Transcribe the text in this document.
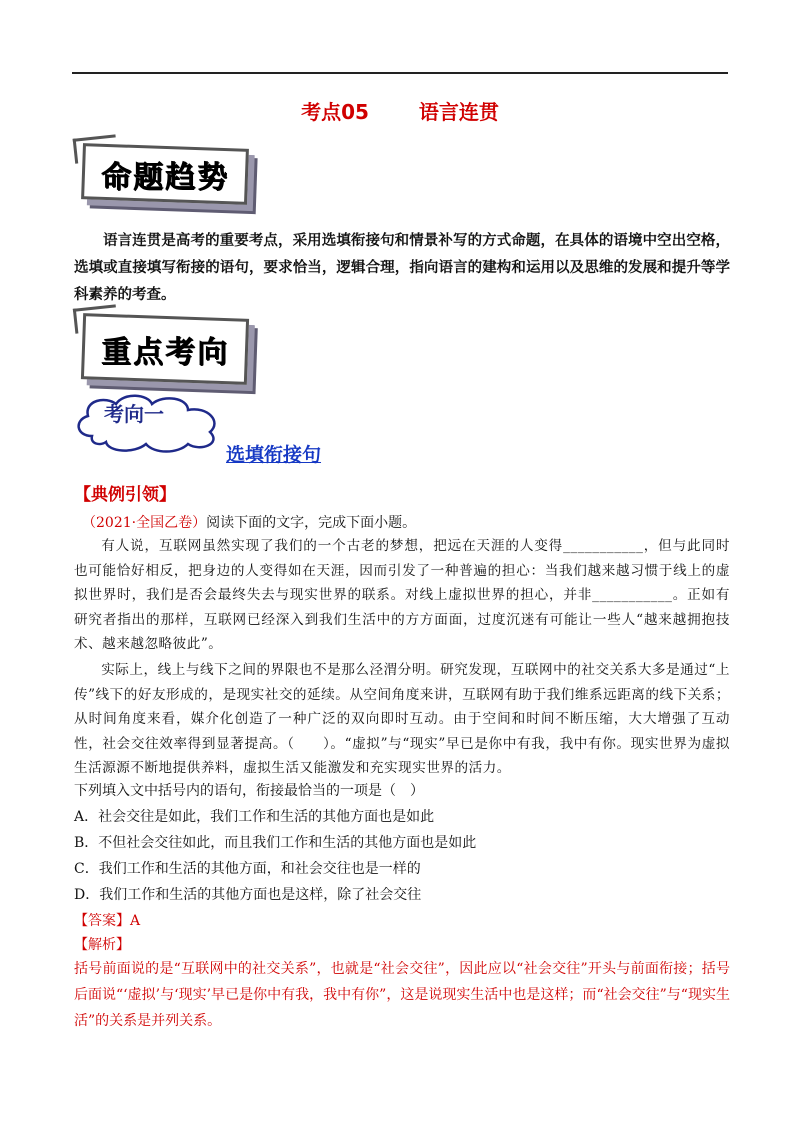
考点05	语言连贯
命题趋势
语言连贯是高考的重要考点，采用选填衔接句和情景补写的方式命题，在具体的语境中空出空格，选填或直接填写衔接的语句，要求恰当，逻辑合理，指向语言的建构和运用以及思维的发展和提升等学科素养的考查。
重点考向
考向一
选填衔接句
【典例引领】
（2021·全国乙卷）阅读下面的文字，完成下面小题。
有人说，互联网虽然实现了我们的一个古老的梦想，把远在天涯的人变得___________，但与此同时也可能恰好相反，把身边的人变得如在天涯，因而引发了一种普遍的担心：当我们越来越习惯于线上的虚拟世界时，我们是否会最终失去与现实世界的联系。对线上虚拟世界的担心，并非___________。正如有研究者指出的那样，互联网已经深入到我们生活中的方方面面，过度沉迷有可能让一些人“越来越拥抱技术、越来越忽略彼此”。
实际上，线上与线下之间的界限也不是那么泾渭分明。研究发现，互联网中的社交关系大多是通过“上传”线下的好友形成的，是现实社交的延续。从空间角度来讲，互联网有助于我们维系远距离的线下关系；从时间角度来看，媒介化创造了一种广泛的双向即时互动。由于空间和时间不断压缩，大大增强了互动性，社会交往效率得到显著提高。（　　）。“虚拟”与“现实”早已是你中有我，我中有你。现实世界为虚拟生活源源不断地提供养料，虚拟生活又能激发和充实现实世界的活力。
下列填入文中括号内的语句，衔接最恰当的一项是（　）
A．社会交往是如此，我们工作和生活的其他方面也是如此
B．不但社会交往如此，而且我们工作和生活的其他方面也是如此
C．我们工作和生活的其他方面，和社会交往也是一样的
D．我们工作和生活的其他方面也是这样，除了社会交往
【答案】A
【解析】
括号前面说的是“互联网中的社交关系”，也就是“社会交往”，因此应以“社会交往”开头与前面衔接；括号后面说“‘虚拟’与‘现实’早已是你中有我，我中有你”，这是说现实生活中也是这样；而“社会交往”与“现实生活”的关系是并列关系。
